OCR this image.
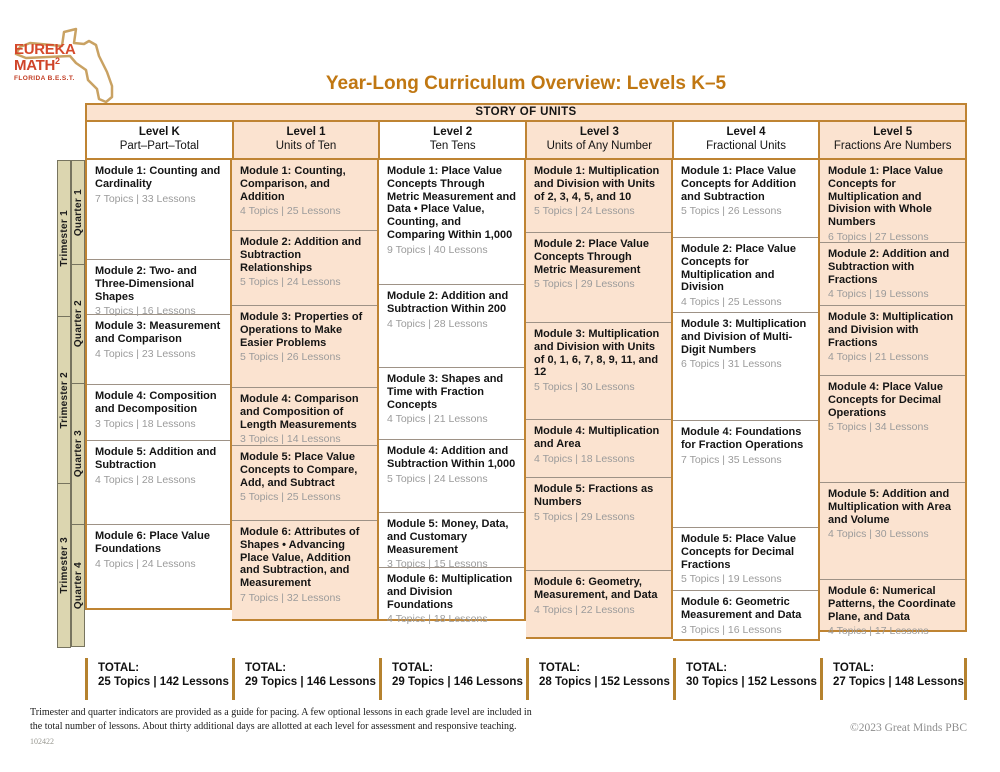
EUREKA
MATH$^2$
FLORIDA B.E.S.T.	Year-Long Curriculum Overview: Levels K–5
STORY OF UNITS
Level K
Part–Part–Total
Level 1
Units of Ten
Level 2
Ten Tens
Level 3
Units of Any Number
Level 4
Fractional Units
Level 5
Fractions Are Numbers
Trimester 1
Trimester 2
Trimester 3
Quarter 1
Quarter 2
Quarter 3
Quarter 4
Module 1: Counting and Cardinality
7 Topics | 33 Lessons
Module 2: Two- and Three-Dimensional Shapes
3 Topics | 16 Lessons
Module 3: Measurement and Comparison
4 Topics | 23 Lessons
Module 4: Composition and Decomposition
3 Topics | 18 Lessons
Module 5: Addition and Subtraction
4 Topics | 28 Lessons
Module 6: Place Value Foundations
4 Topics | 24 Lessons
Module 1: Counting, Comparison, and Addition
4 Topics | 25 Lessons
Module 2: Addition and Subtraction Relationships
5 Topics | 24 Lessons
Module 3: Properties of Operations to Make Easier Problems
5 Topics | 26 Lessons
Module 4: Comparison and Composition of Length Measurements
3 Topics | 14 Lessons
Module 5: Place Value Concepts to Compare, Add, and Subtract
5 Topics | 25 Lessons
Module 6: Attributes of Shapes • Advancing Place Value, Addition and Subtraction, and Measurement
7 Topics | 32 Lessons
Module 1: Place Value Concepts Through Metric Measurement and Data • Place Value, Counting, and Comparing Within 1,000
9 Topics | 40 Lessons
Module 2: Addition and Subtraction Within 200
4 Topics | 28 Lessons
Module 3: Shapes and Time with Fraction Concepts
4 Topics | 21 Lessons
Module 4: Addition and Subtraction Within 1,000
5 Topics | 24 Lessons
Module 5: Money, Data, and Customary Measurement
3 Topics | 15 Lessons
Module 6: Multiplication and Division Foundations
4 Topics | 18 Lessons
Module 1: Multiplication and Division with Units of 2, 3, 4, 5, and 10
5 Topics | 24 Lessons
Module 2: Place Value Concepts Through Metric Measurement
5 Topics | 29 Lessons
Module 3: Multiplication and Division with Units of 0, 1, 6, 7, 8, 9, 11, and 12
5 Topics | 30 Lessons
Module 4: Multiplication and Area
4 Topics | 18 Lessons
Module 5: Fractions as Numbers
5 Topics | 29 Lessons
Module 6: Geometry, Measurement, and Data
4 Topics | 22 Lessons
Module 1: Place Value Concepts for Addition and Subtraction
5 Topics | 26 Lessons
Module 2: Place Value Concepts for Multiplication and Division
4 Topics | 25 Lessons
Module 3: Multiplication and Division of Multi-Digit Numbers
6 Topics | 31 Lessons
Module 4: Foundations for Fraction Operations
7 Topics | 35 Lessons
Module 5: Place Value Concepts for Decimal Fractions
5 Topics | 19 Lessons
Module 6: Geometric Measurement and Data
3 Topics | 16 Lessons
Module 1: Place Value Concepts for Multiplication and Division with Whole Numbers
6 Topics | 27 Lessons
Module 2: Addition and Subtraction with Fractions
4 Topics | 19 Lessons
Module 3: Multiplication and Division with Fractions
4 Topics | 21 Lessons
Module 4: Place Value Concepts for Decimal Operations
5 Topics | 34 Lessons
Module 5: Addition and Multiplication with Area and Volume
4 Topics | 30 Lessons
Module 6: Numerical Patterns, the Coordinate Plane, and Data
4 Topics | 17 Lessons
TOTAL:
25 Topics | 142 Lessons
TOTAL:
29 Topics | 146 Lessons
TOTAL:
29 Topics | 146 Lessons
TOTAL:
28 Topics | 152 Lessons
TOTAL:
30 Topics | 152 Lessons
TOTAL:
27 Topics | 148 Lessons
Trimester and quarter indicators are provided as a guide for pacing. A few optional lessons in each grade level are included in
the total number of lessons. About thirty additional days are allotted at each level for assessment and responsive teaching.
102422
©2023 Great Minds PBC
